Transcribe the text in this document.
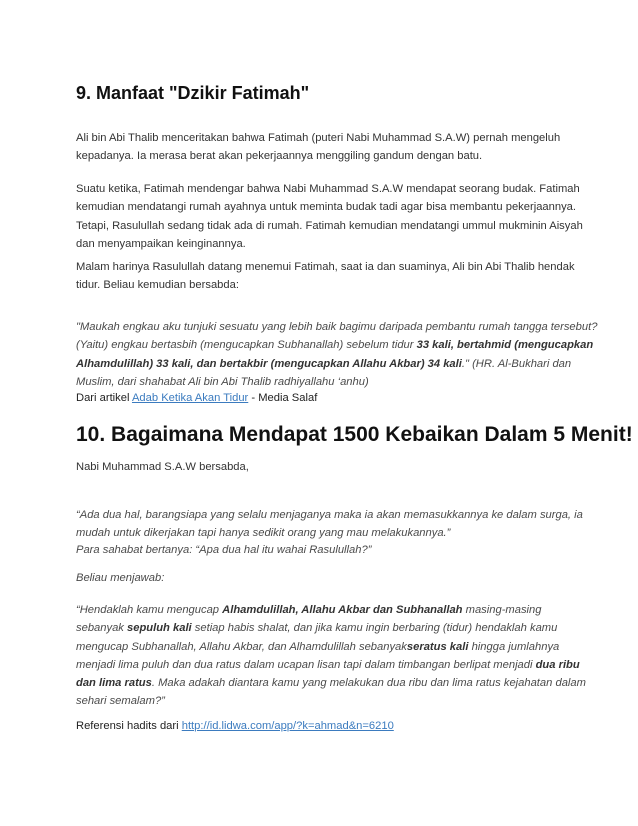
9. Manfaat "Dzikir Fatimah"

Ali bin Abi Thalib menceritakan bahwa Fatimah (puteri Nabi Muhammad S.A.W) pernah mengeluh
kepadanya. Ia merasa berat akan pekerjaannya menggiling gandum dengan batu.

Suatu ketika, Fatimah mendengar bahwa Nabi Muhammad S.A.W mendapat seorang budak. Fatimah
kemudian mendatangi rumah ayahnya untuk meminta budak tadi agar bisa membantu pekerjaannya.
Tetapi, Rasulullah sedang tidak ada di rumah. Fatimah kemudian mendatangi ummul mukminin Aisyah
dan menyampaikan keinginannya.

Malam harinya Rasulullah datang menemui Fatimah, saat ia dan suaminya, Ali bin Abi Thalib hendak
tidur. Beliau kemudian bersabda:

"Maukah engkau aku tunjuki sesuatu yang lebih baik bagimu daripada pembantu rumah tangga tersebut?
(Yaitu) engkau bertasbih (mengucapkan Subhanallah) sebelum tidur 33 kali, bertahmid (mengucapkan
Alhamdulillah) 33 kali, dan bertakbir (mengucapkan Allahu Akbar) 34 kali." (HR. Al-Bukhari dan
Muslim, dari shahabat Ali bin Abi Thalib radhiyallahu ‘anhu)

Dari artikel Adab Ketika Akan Tidur - Media Salaf

10. Bagaimana Mendapat 1500 Kebaikan Dalam 5 Menit!

Nabi Muhammad S.A.W bersabda,

“Ada dua hal, barangsiapa yang selalu menjaganya maka ia akan memasukkannya ke dalam surga, ia
mudah untuk dikerjakan tapi hanya sedikit orang yang mau melakukannya.”

Para sahabat bertanya: “Apa dua hal itu wahai Rasulullah?”

Beliau menjawab:

“Hendaklah kamu mengucap Alhamdulillah, Allahu Akbar dan Subhanallah masing-masing
sebanyak sepuluh kali setiap habis shalat, dan jika kamu ingin berbaring (tidur) hendaklah kamu
mengucap Subhanallah, Allahu Akbar, dan Alhamdulillah sebanyakseratus kali hingga jumlahnya
menjadi lima puluh dan dua ratus dalam ucapan lisan tapi dalam timbangan berlipat menjadi dua ribu
dan lima ratus. Maka adakah diantara kamu yang melakukan dua ribu dan lima ratus kejahatan dalam
sehari semalam?”

Referensi hadits dari http://id.lidwa.com/app/?k=ahmad&n=6210
